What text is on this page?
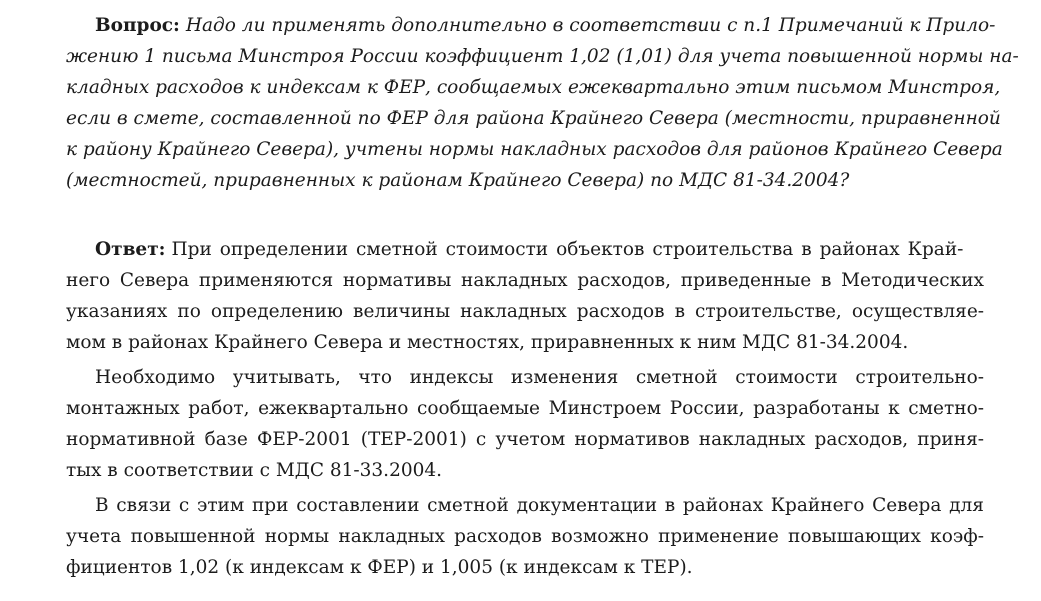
Вопрос: Надо ли применять дополнительно в соответствии с п.1 Примечаний к Прило-
жению 1 письма Минстроя России коэффициент 1,02 (1,01) для учета повышенной нормы на-
кладных расходов к индексам к ФЕР, сообщаемых ежеквартально этим письмом Минстроя,
если в смете, составленной по ФЕР для района Крайнего Севера (местности, приравненной
к району Крайнего Севера), учтены нормы накладных расходов для районов Крайнего Севера
(местностей, приравненных к районам Крайнего Севера) по МДС 81-34.2004?
Ответ: При определении сметной стоимости объектов строительства в районах Край-
него Севера применяются нормативы накладных расходов, приведенные в Методических
указаниях по определению величины накладных расходов в строительстве, осуществляе-
мом в районах Крайнего Севера и местностях, приравненных к ним МДС 81-34.2004.
Необходимо учитывать, что индексы изменения сметной стоимости строительно-
монтажных работ, ежеквартально сообщаемые Минстроем России, разработаны к сметно-
нормативной базе ФЕР-2001 (ТЕР-2001) с учетом нормативов накладных расходов, приня-
тых в соответствии с МДС 81-33.2004.
В связи с этим при составлении сметной документации в районах Крайнего Севера для
учета повышенной нормы накладных расходов возможно применение повышающих коэф-
фициентов 1,02 (к индексам к ФЕР) и 1,005 (к индексам к ТЕР).
